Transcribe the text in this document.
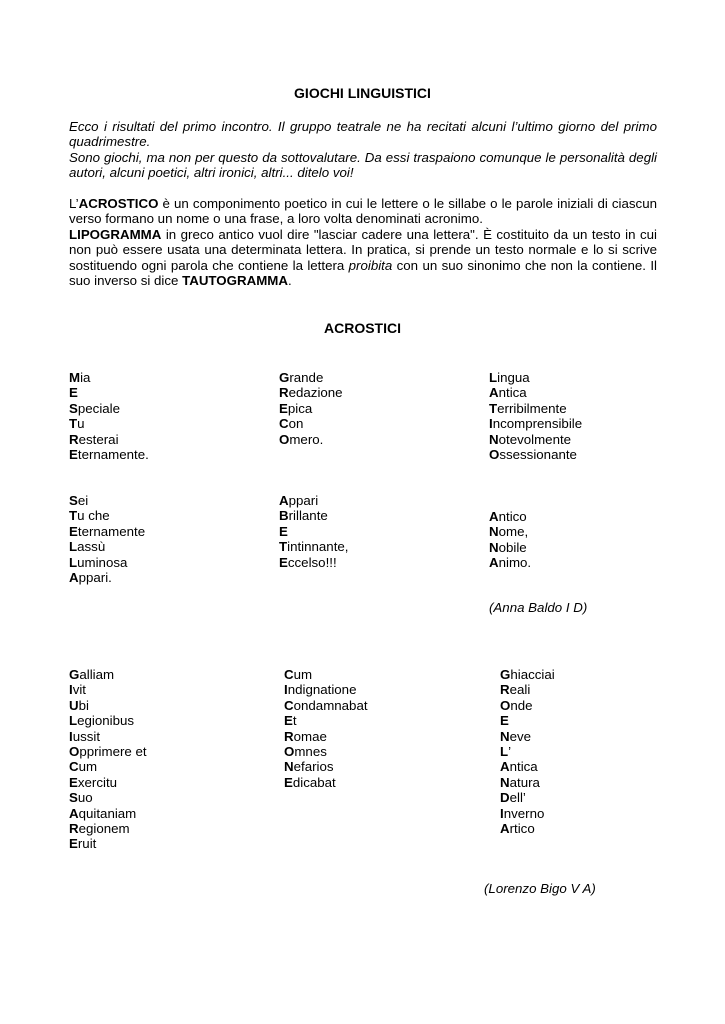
GIOCHI LINGUISTICI
Ecco i risultati del primo incontro. Il gruppo teatrale ne ha recitati alcuni l’ultimo giorno del primo quadrimestre.
Sono giochi, ma non per questo da sottovalutare. Da essi traspaiono comunque le personalità degli autori, alcuni poetici, altri ironici, altri... ditelo voi!
L’ACROSTICO è un componimento poetico in cui le lettere o le sillabe o le parole iniziali di ciascun verso formano un nome o una frase, a loro volta denominati acronimo.
LIPOGRAMMA in greco antico vuol dire "lasciar cadere una lettera". È costituito da un testo in cui non può essere usata una determinata lettera. In pratica, si prende un testo normale e lo si scrive sostituendo ogni parola che contiene la lettera proibita con un suo sinonimo che non la contiene. Il suo inverso si dice TAUTOGRAMMA.
ACROSTICI
Mia
E
Speciale
Tu
Resterai
Eternamente.
Grande
Redazione
Epica
Con
Omero.
Lingua
Antica
Terribilmente
Incomprensibile
Notevolmente
Ossessionante
Sei
Tu che
Eternamente
Lassù
Luminosa
Appari.
Appari
Brillante
E
Tintinnante,
Eccelso!!!
Antico
Nome,
Nobile
Animo.
(Anna Baldo I D)
Galliam
Ivit
Ubi
Legionibus
Iussit
Opprimere et
Cum
Exercitu
Suo
Aquitaniam
Regionem
Eruit
Cum
Indignatione
Condamnabat
Et
Romae
Omnes
Nefarios
Edicabat
Ghiacciai
Reali
Onde
E
Neve
L’
Antica
Natura
Dell’
Inverno
Artico
(Lorenzo Bigo V A)
